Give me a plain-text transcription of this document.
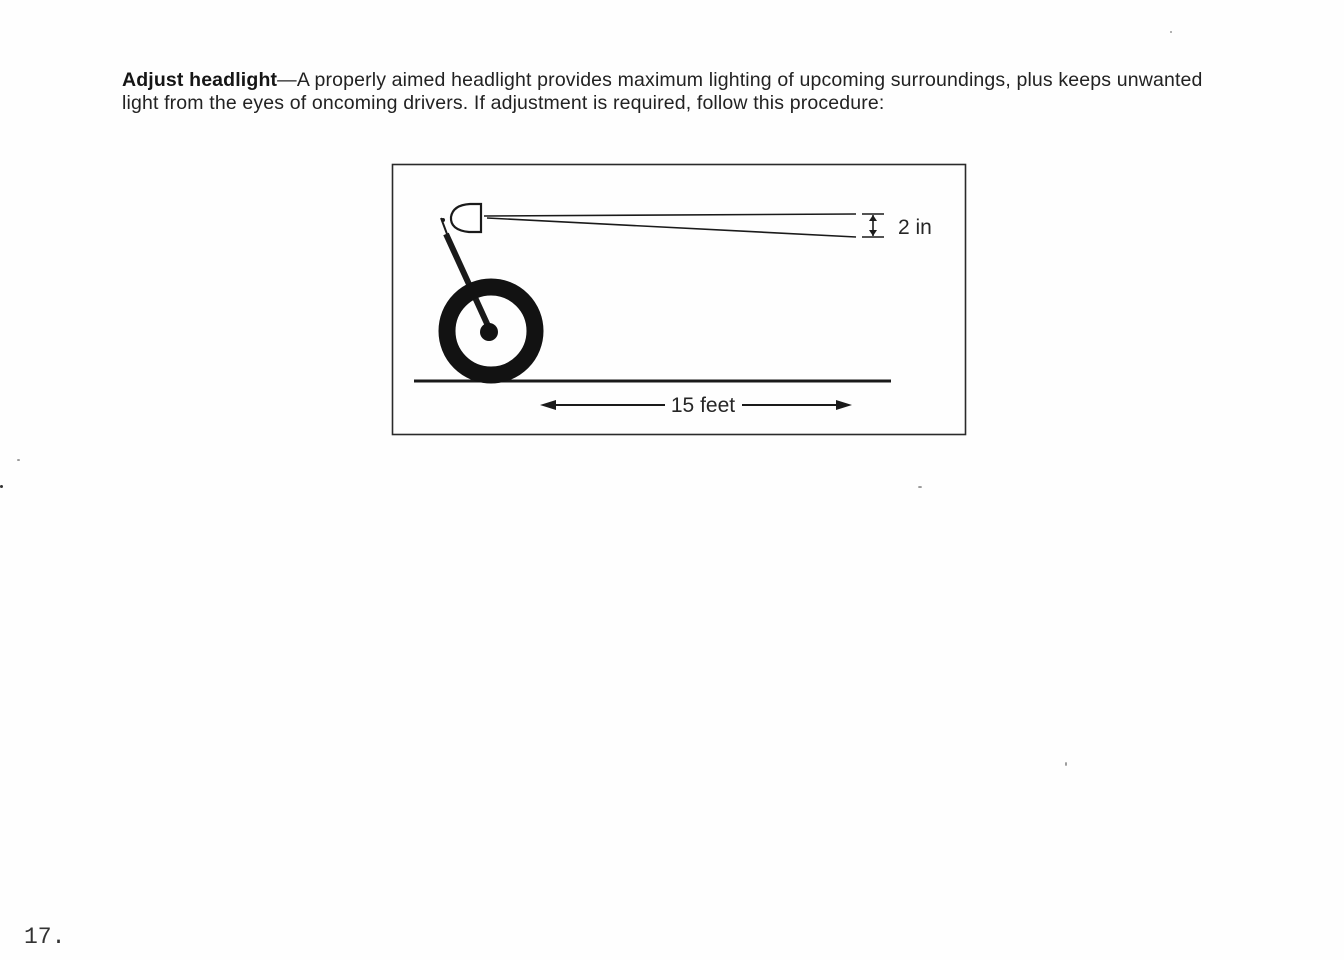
Adjust headlight—A properly aimed headlight provides maximum lighting of upcoming surroundings, plus keeps unwanted light from the eyes of oncoming drivers. If adjustment is required, follow this procedure:

2 in
15 feet
17.
